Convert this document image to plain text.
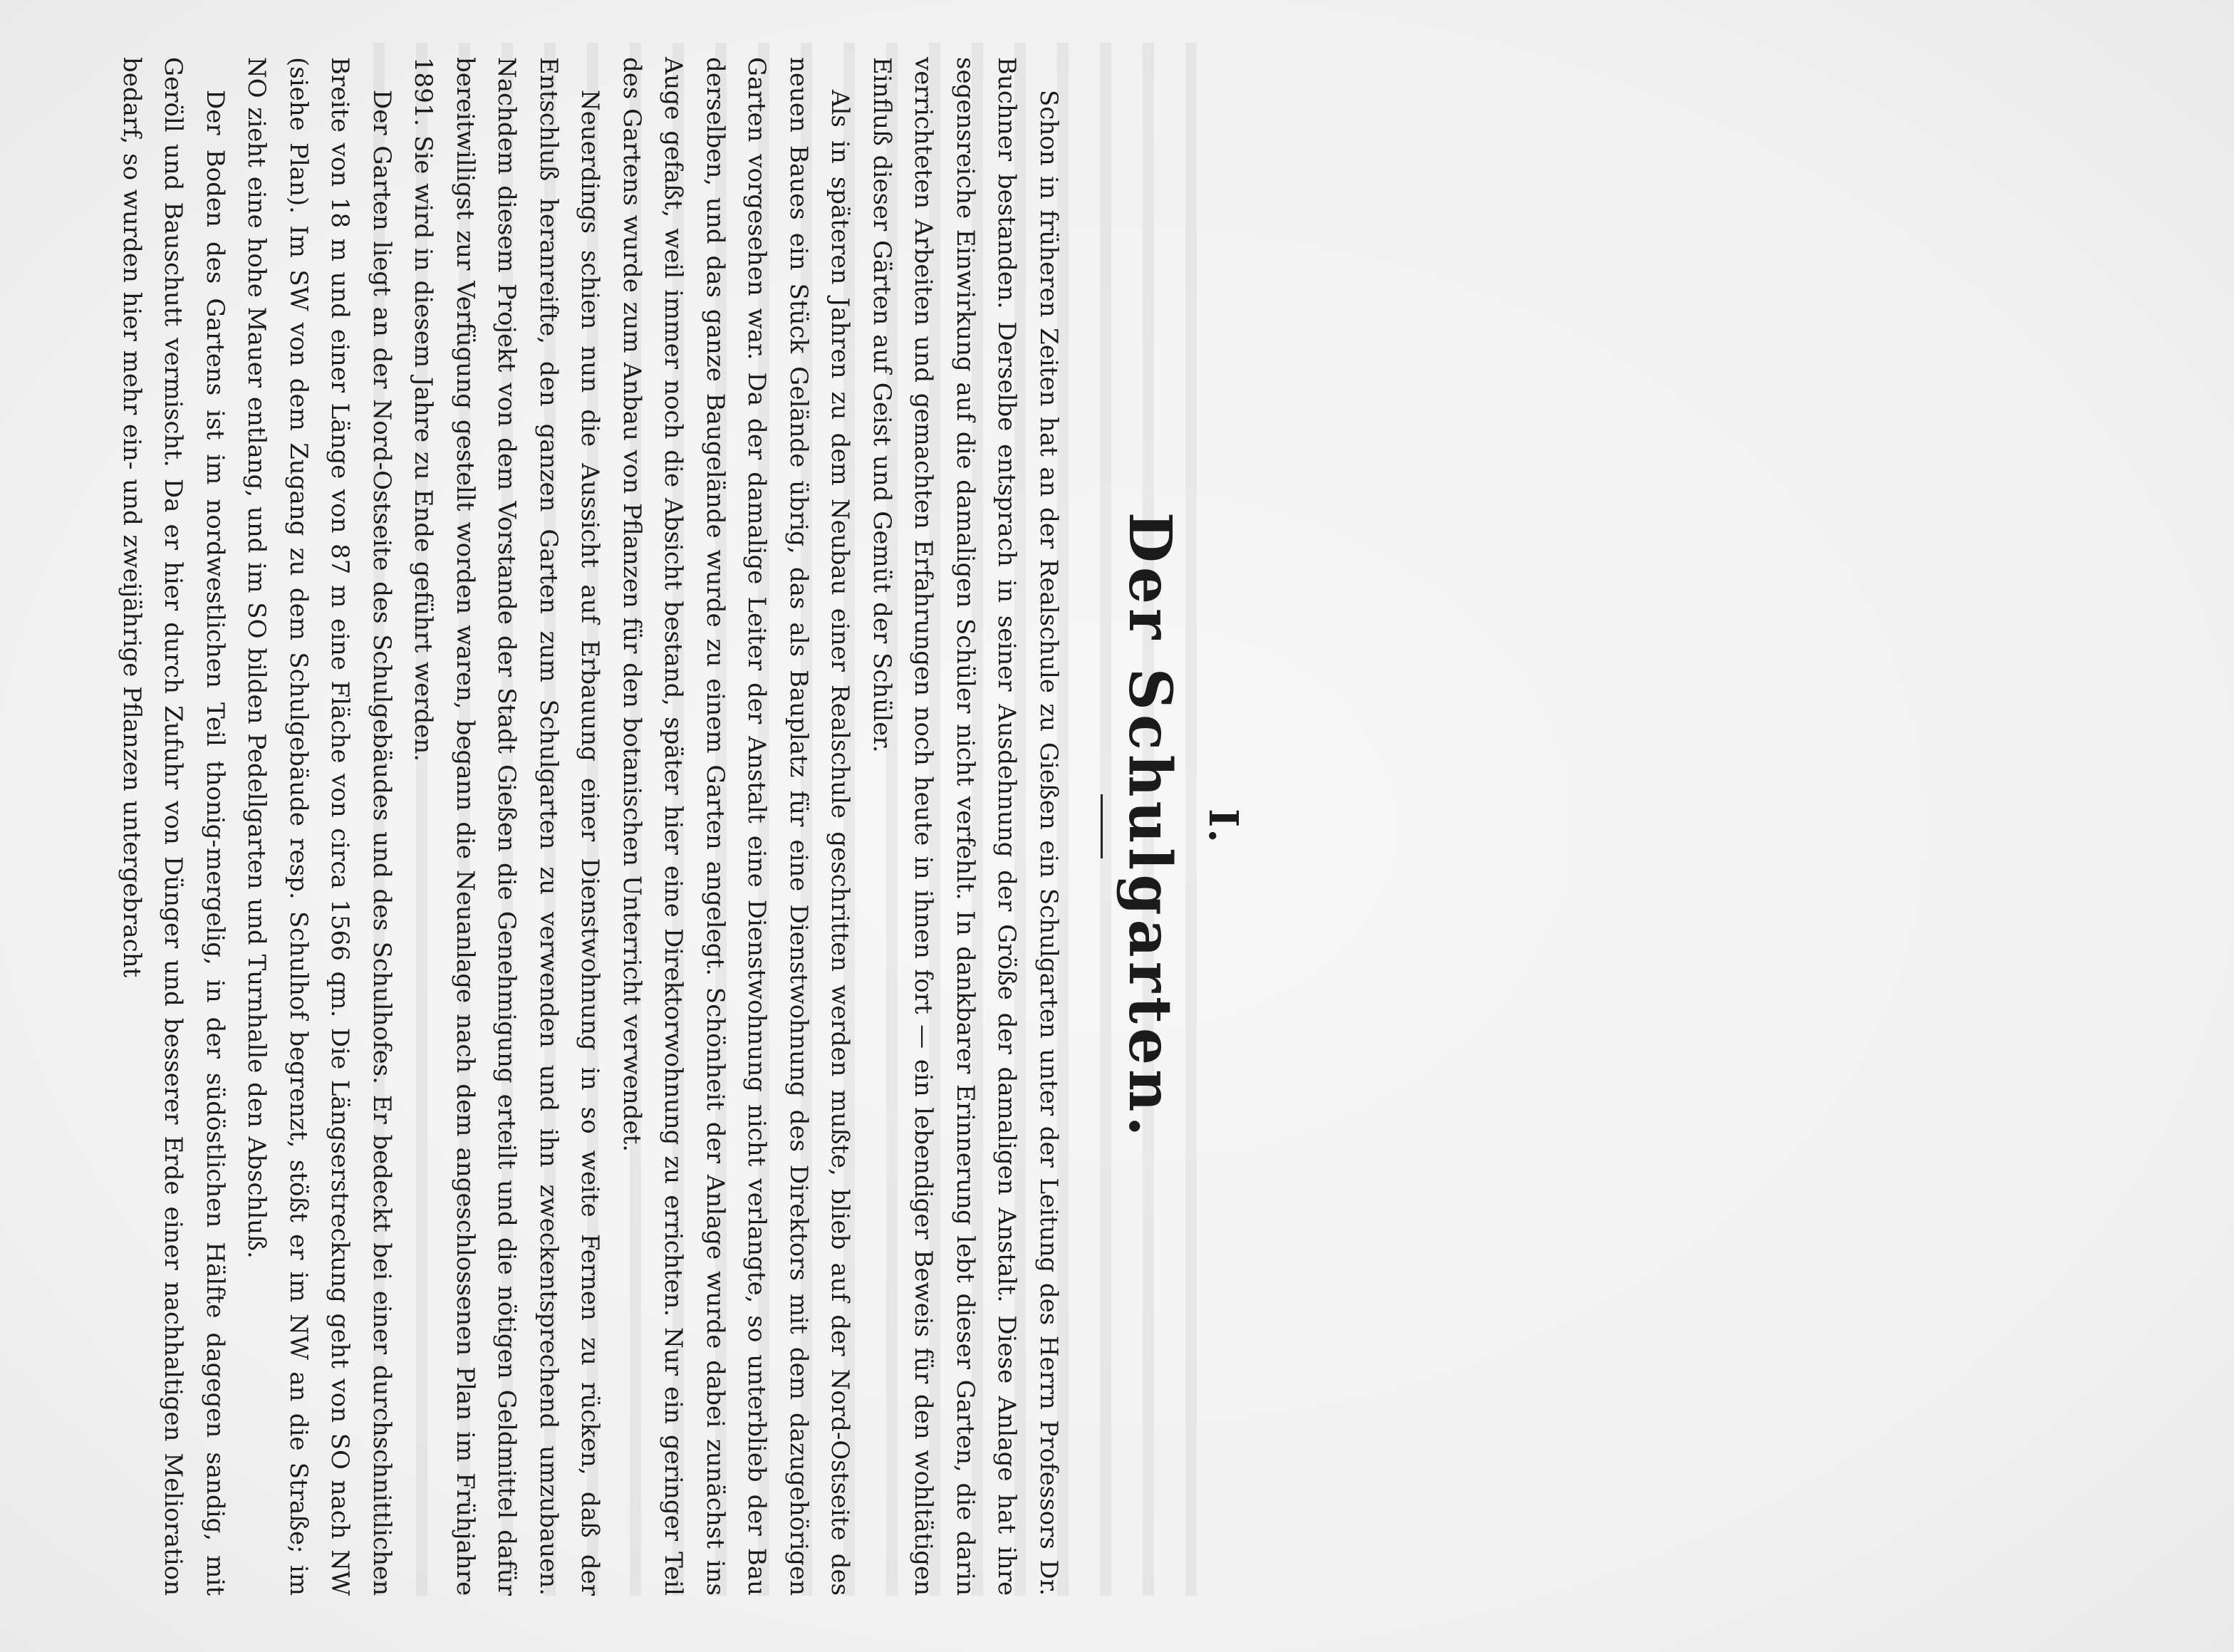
I.
Der Schulgarten.

Schon in früheren Zeiten hat an der Realschule zu Gießen ein Schulgarten unter der Leitung des Herrn Professors Dr. Buchner bestanden. Derselbe entsprach in seiner Ausdehnung der Größe der damaligen Anstalt. Diese Anlage hat ihre segensreiche Einwirkung auf die damaligen Schüler nicht verfehlt. In dankbarer Erinnerung lebt dieser Garten, die darin verrichteten Arbeiten und gemachten Erfahrungen noch heute in ihnen fort — ein lebendiger Beweis für den wohltätigen Einfluß dieser Gärten auf Geist und Gemüt der Schüler.

Als in späteren Jahren zu dem Neubau einer Realschule geschritten werden mußte, blieb auf der Nord-Ostseite des neuen Baues ein Stück Gelände übrig, das als Bauplatz für eine Dienstwohnung des Direktors mit dem dazugehörigen Garten vorgesehen war. Da der damalige Leiter der Anstalt eine Dienstwohnung nicht verlangte, so unterblieb der Bau derselben, und das ganze Baugelände wurde zu einem Garten angelegt. Schönheit der Anlage wurde dabei zunächst ins Auge gefaßt, weil immer noch die Absicht bestand, später hier eine Direktorwohnung zu errichten. Nur ein geringer Teil des Gartens wurde zum Anbau von Pflanzen für den botanischen Unterricht verwendet.

Neuerdings schien nun die Aussicht auf Erbauung einer Dienstwohnung in so weite Fernen zu rücken, daß der Entschluß heranreifte, den ganzen Garten zum Schulgarten zu verwenden und ihn zweckentsprechend umzubauen. Nachdem diesem Projekt von dem Vorstande der Stadt Gießen die Genehmigung erteilt und die nötigen Geldmittel dafür bereitwilligst zur Verfügung gestellt worden waren, begann die Neuanlage nach dem angeschlossenen Plan im Frühjahre 1891. Sie wird in diesem Jahre zu Ende geführt werden.

Der Garten liegt an der Nord-Ostseite des Schulgebäudes und des Schulhofes. Er bedeckt bei einer durchschnittlichen Breite von 18 m und einer Länge von 87 m eine Fläche von circa 1566 qm. Die Längserstreckung geht von SO nach NW (siehe Plan). Im SW von dem Zugang zu dem Schulgebäude resp. Schulhof begrenzt, stößt er im NW an die Straße; im NO zieht eine hohe Mauer entlang, und im SO bilden Pedellgarten und Turnhalle den Abschluß.

Der Boden des Gartens ist im nordwestlichen Teil thonig-mergelig, in der südöstlichen Hälfte dagegen sandig, mit Geröll und Bauschutt vermischt. Da er hier durch Zufuhr von Dünger und besserer Erde einer nachhaltigen Melioration bedarf, so wurden hier mehr ein- und zweijährige Pflanzen untergebracht
